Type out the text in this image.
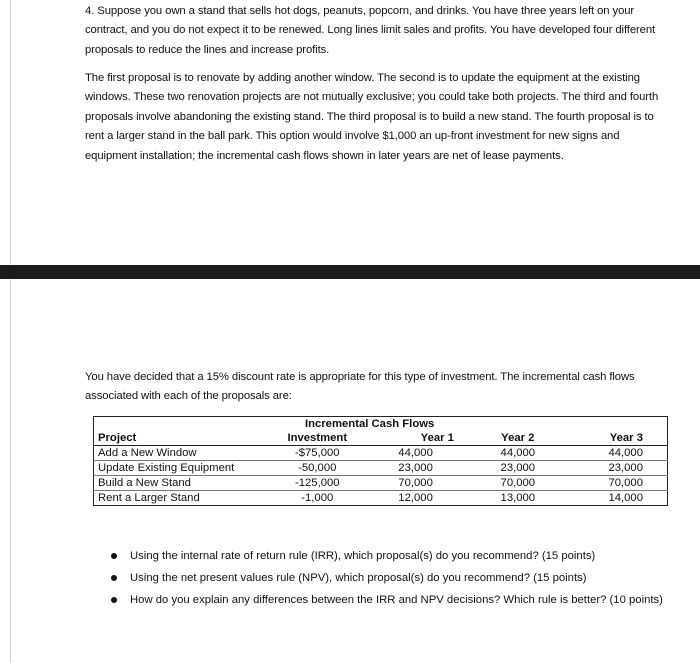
4. Suppose you own a stand that sells hot dogs, peanuts, popcorn, and drinks. You have three years left on your contract, and you do not expect it to be renewed. Long lines limit sales and profits. You have developed four different proposals to reduce the lines and increase profits.

The first proposal is to renovate by adding another window. The second is to update the equipment at the existing windows. These two renovation projects are not mutually exclusive; you could take both projects. The third and fourth proposals involve abandoning the existing stand. The third proposal is to build a new stand. The fourth proposal is to rent a larger stand in the ball park. This option would involve $1,000 an up-front investment for new signs and equipment installation; the incremental cash flows shown in later years are net of lease payments.

You have decided that a 15% discount rate is appropriate for this type of investment. The incremental cash flows associated with each of the proposals are:

	Incremental Cash Flows			
Project	Investment	Year 1	Year 2	Year 3
Add a New Window	-$75,000	44,000	44,000	44,000
Update Existing Equipment	-50,000	23,000	23,000	23,000
Build a New Stand	-125,000	70,000	70,000	70,000
Rent a Larger Stand	-1,000	12,000	13,000	14,000
Using the internal rate of return rule (IRR), which proposal(s) do you recommend? (15 points)
Using the net present values rule (NPV), which proposal(s) do you recommend? (15 points)
How do you explain any differences between the IRR and NPV decisions? Which rule is better? (10 points)
